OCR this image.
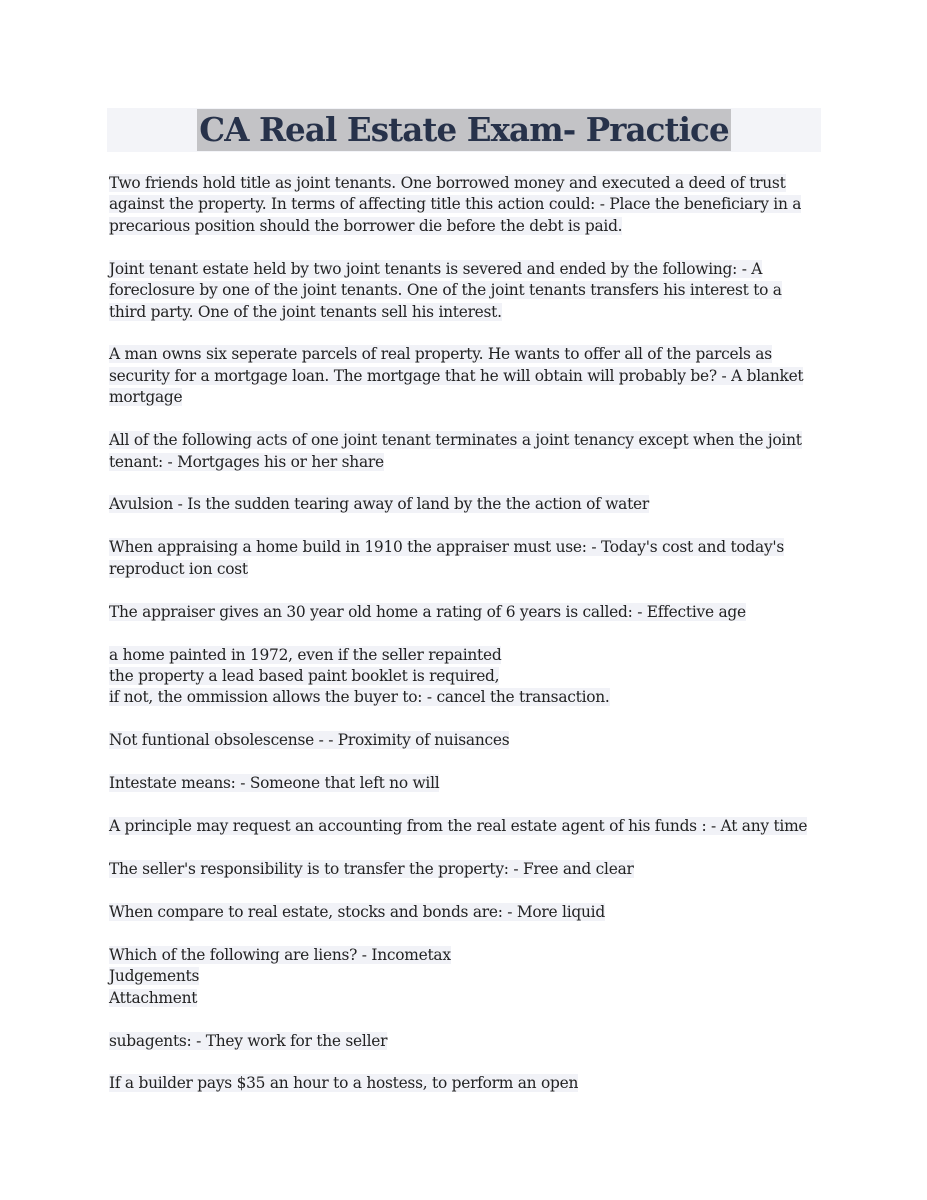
CA Real Estate Exam- Practice
Two friends hold title as joint tenants. One borrowed money and executed a deed of trust against the property. In terms of affecting title this action could: - Place the beneficiary in a precarious position should the borrower die before the debt is paid.
Joint tenant estate held by two joint tenants is severed and ended by the following: - A foreclosure by one of the joint tenants. One of the joint tenants transfers his interest to a third party. One of the joint tenants sell his interest.
A man owns six seperate parcels of real property. He wants to offer all of the parcels as security for a mortgage loan. The mortgage that he will obtain will probably be? - A blanket mortgage
All of the following acts of one joint tenant terminates a joint tenancy except when the joint tenant: - Mortgages his or her share
Avulsion - Is the sudden tearing away of land by the the action of water
When appraising a home build in 1910 the appraiser must use: - Today's cost and today's reproduct ion cost
The appraiser gives an 30 year old home a rating of 6 years is called: - Effective age
a home painted in 1972, even if the seller repainted
the property a lead based paint booklet is required,
if not, the ommission allows the buyer to: - cancel the transaction.
Not funtional obsolescense - - Proximity of nuisances
Intestate means: - Someone that left no will
A principle may request an accounting from the real estate agent of his funds : - At any time
The seller's responsibility is to transfer the property: - Free and clear
When compare to real estate, stocks and bonds are: - More liquid
Which of the following are liens? - Incometax
Judgements
Attachment
subagents: - They work for the seller
If a builder pays $35 an hour to a hostess, to perform an open
